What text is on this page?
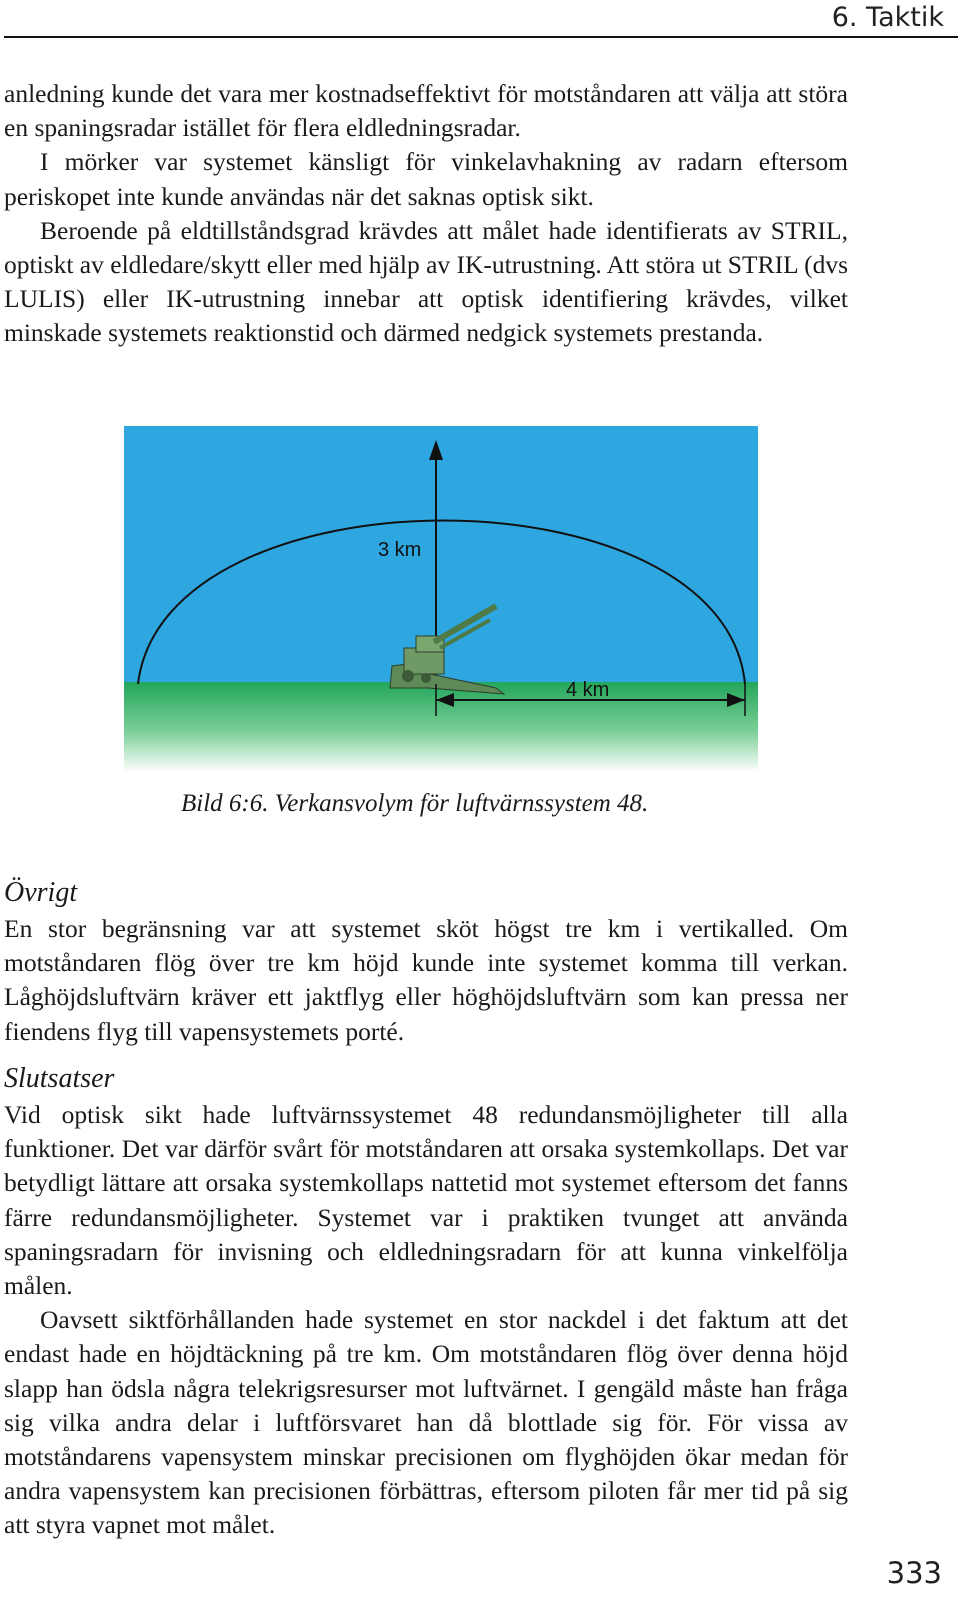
6. Taktik

anledning kunde det vara mer kostnadseffektivt för motståndaren att välja att störa en spaningsradar istället för flera eldledningsradar.

I mörker var systemet känsligt för vinkelavhakning av radarn eftersom periskopet inte kunde användas när det saknas optisk sikt.

Beroende på eldtillståndsgrad krävdes att målet hade identifierats av STRIL, optiskt av eldledare/skytt eller med hjälp av IK-utrustning. Att störa ut STRIL (dvs LULIS) eller IK-utrustning innebar att optisk identifiering krävdes, vilket minskade systemets reaktionstid och därmed nedgick systemets prestanda.

3 km
4 km
Bild 6:6. Verkansvolym för luftvärnssystem 48.
Övrigt

En stor begränsning var att systemet sköt högst tre km i vertikalled. Om motståndaren flög över tre km höjd kunde inte systemet komma till verkan. Låghöjdsluftvärn kräver ett jaktflyg eller höghöjdsluftvärn som kan pressa ner fiendens flyg till vapensystemets porté.

Slutsatser

Vid optisk sikt hade luftvärnssystemet 48 redundansmöjligheter till alla funktioner. Det var därför svårt för motståndaren att orsaka systemkollaps. Det var betydligt lättare att orsaka systemkollaps nattetid mot systemet eftersom det fanns färre redundansmöjligheter. Systemet var i praktiken tvunget att använda spaningsradarn för invisning och eldledningsradarn för att kunna vinkelfölja målen.

Oavsett siktförhållanden hade systemet en stor nackdel i det faktum att det endast hade en höjdtäckning på tre km. Om motståndaren flög över denna höjd slapp han ödsla några telekrigsresurser mot luftvärnet. I gengäld måste han fråga sig vilka andra delar i luftförsvaret han då blottlade sig för. För vissa av motståndarens vapensystem minskar precisionen om flyghöjden ökar medan för andra vapensystem kan precisionen förbättras, eftersom piloten får mer tid på sig att styra vapnet mot målet.

333
